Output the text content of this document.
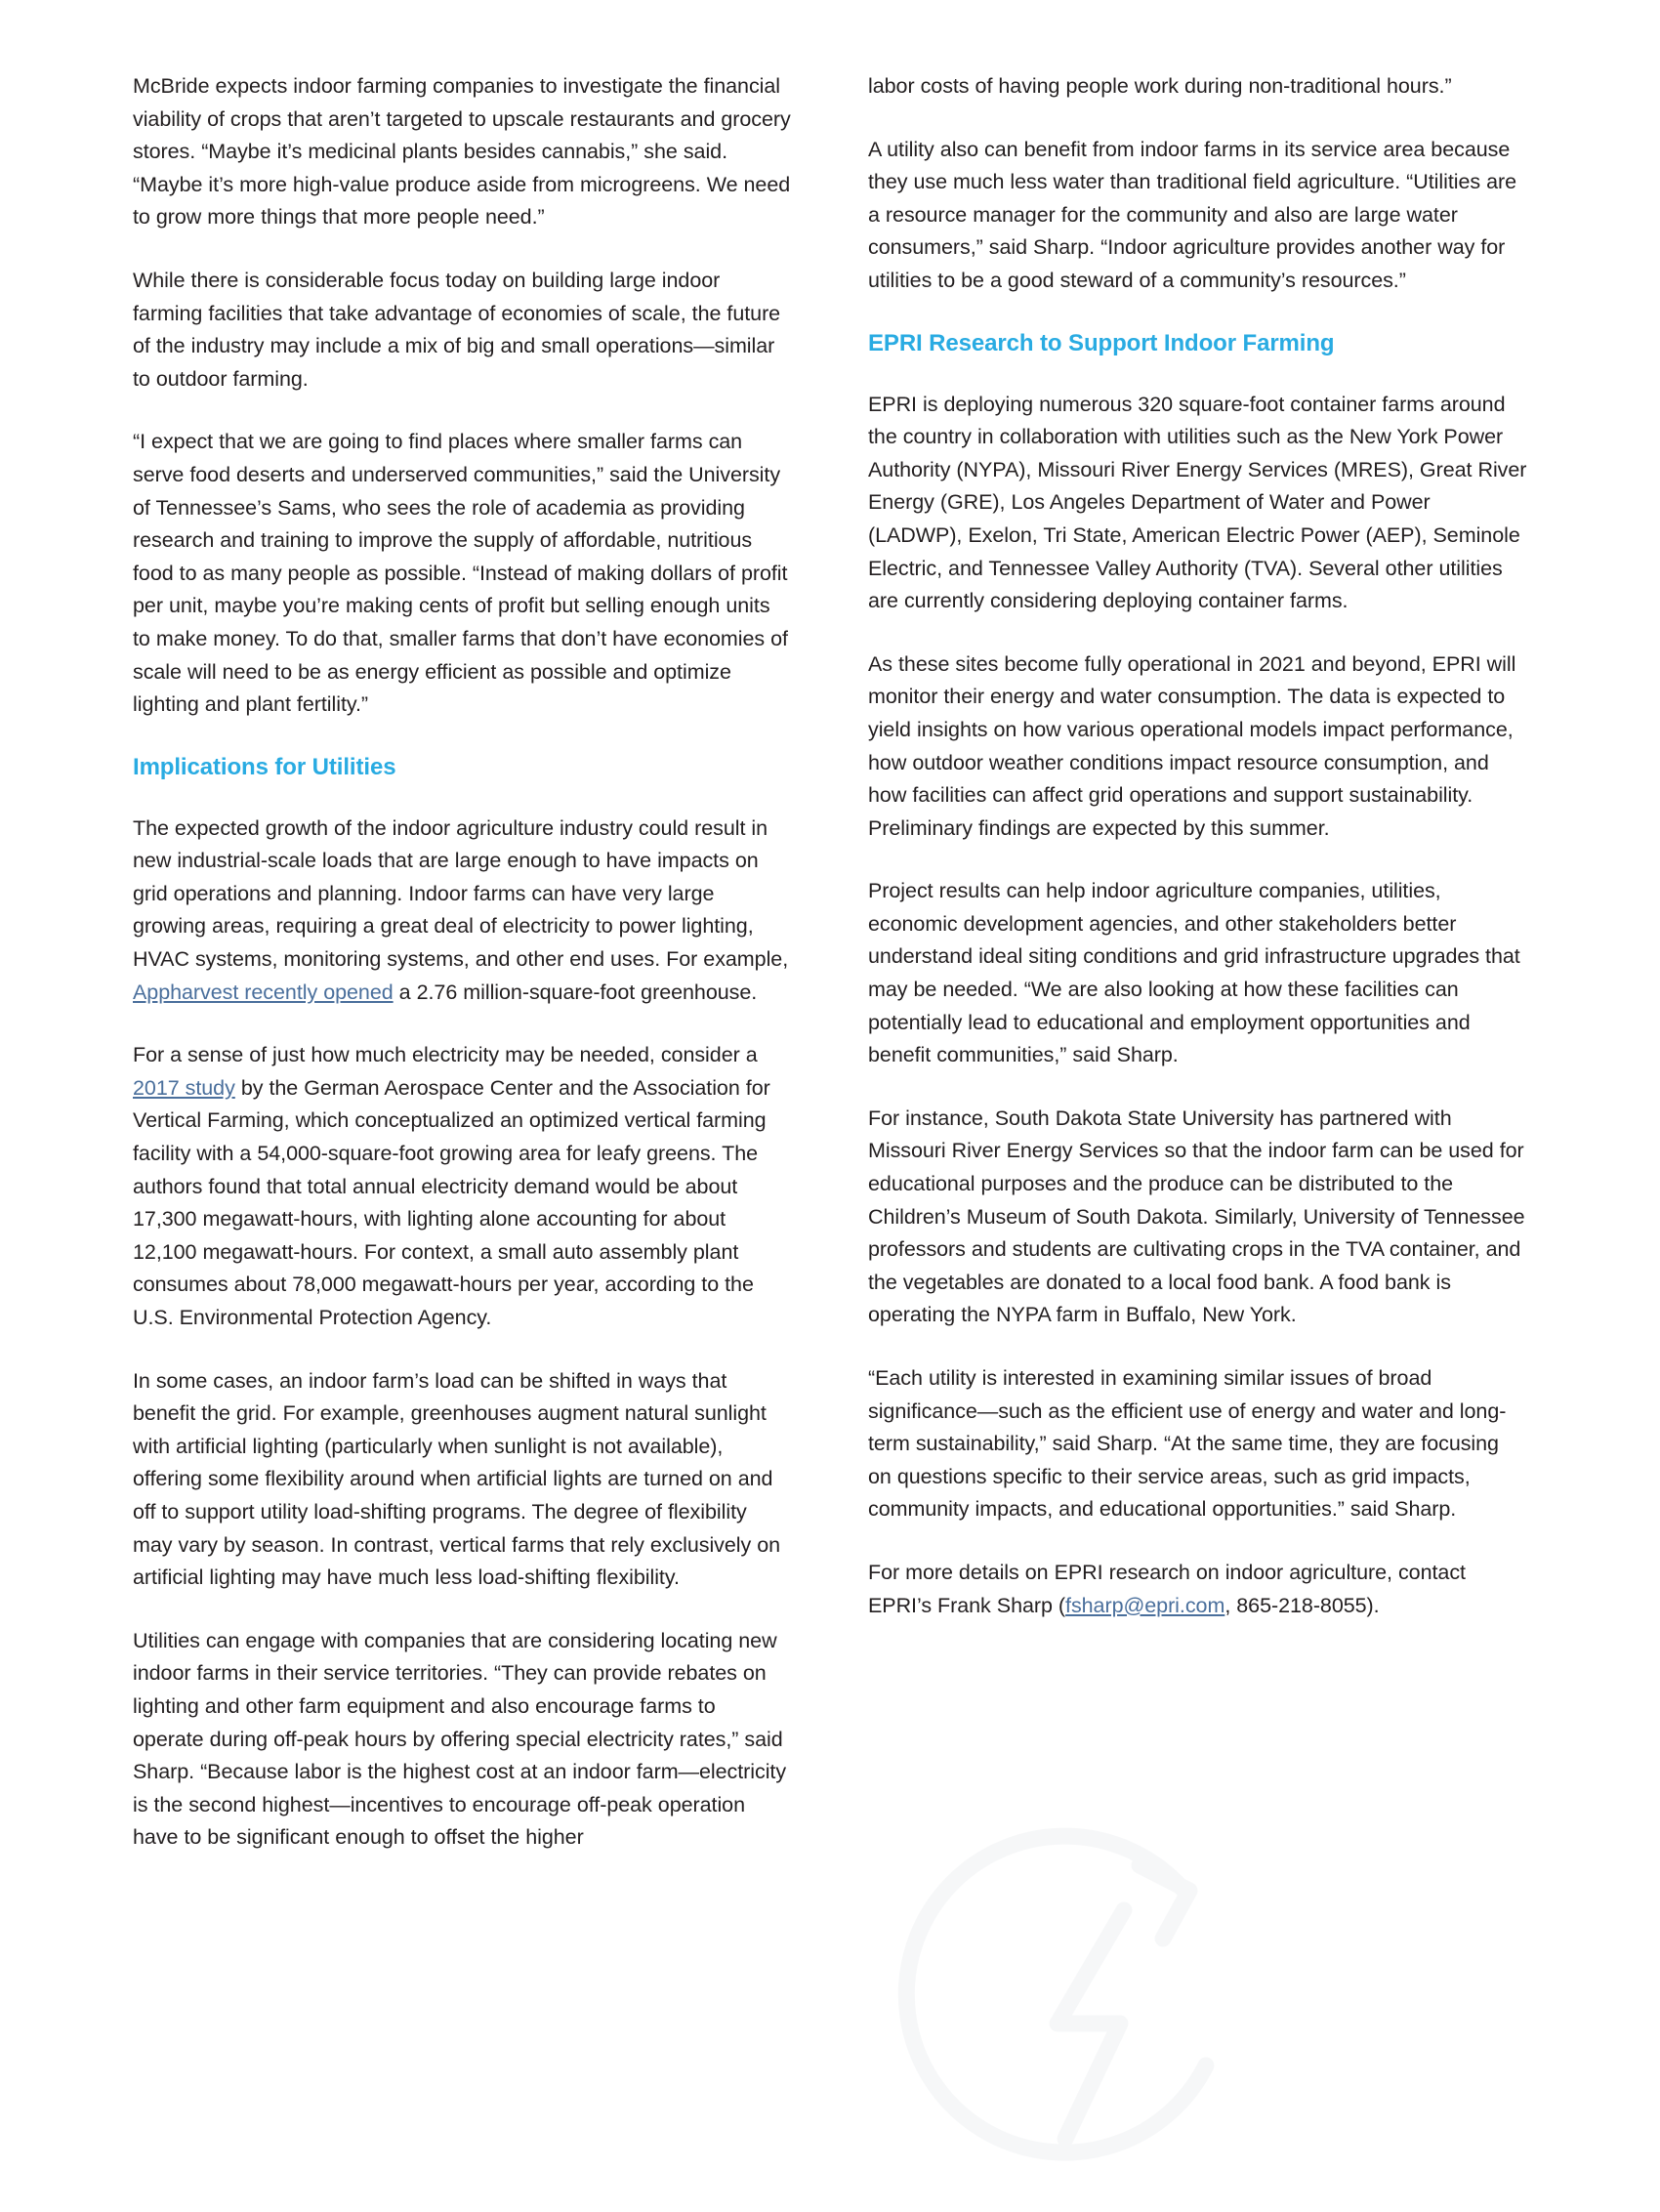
McBride expects indoor farming companies to investigate the financial viability of crops that aren’t targeted to upscale restaurants and grocery stores. “Maybe it’s medicinal plants besides cannabis,” she said. “Maybe it’s more high-value produce aside from microgreens. We need to grow more things that more people need.”

While there is considerable focus today on building large indoor farming facilities that take advantage of economies of scale, the future of the industry may include a mix of big and small operations—similar to outdoor farming.

“I expect that we are going to find places where smaller farms can serve food deserts and underserved communities,” said the University of Tennessee’s Sams, who sees the role of academia as providing research and training to improve the supply of affordable, nutritious food to as many people as possible. “Instead of making dollars of profit per unit, maybe you’re making cents of profit but selling enough units to make money. To do that, smaller farms that don’t have economies of scale will need to be as energy efficient as possible and optimize lighting and plant fertility.”

Implications for Utilities

The expected growth of the indoor agriculture industry could result in new industrial-scale loads that are large enough to have impacts on grid operations and planning. Indoor farms can have very large growing areas, requiring a great deal of electricity to power lighting, HVAC systems, monitoring systems, and other end uses. For example, Appharvest recently opened a 2.76 million-square-foot greenhouse.

For a sense of just how much electricity may be needed, consider a 2017 study by the German Aerospace Center and the Association for Vertical Farming, which conceptualized an optimized vertical farming facility with a 54,000-square-foot growing area for leafy greens. The authors found that total annual electricity demand would be about 17,300 megawatt-hours, with lighting alone accounting for about 12,100 megawatt-hours. For context, a small auto assembly plant consumes about 78,000 megawatt-hours per year, according to the U.S. Environmental Protection Agency.

In some cases, an indoor farm’s load can be shifted in ways that benefit the grid. For example, greenhouses augment natural sunlight with artificial lighting (particularly when sunlight is not available), offering some flexibility around when artificial lights are turned on and off to support utility load-shifting programs. The degree of flexibility may vary by season. In contrast, vertical farms that rely exclusively on artificial lighting may have much less load-shifting flexibility.

Utilities can engage with companies that are considering locating new indoor farms in their service territories. “They can provide rebates on lighting and other farm equipment and also encourage farms to operate during off-peak hours by offering special electricity rates,” said Sharp. “Because labor is the highest cost at an indoor farm—electricity is the second highest—incentives to encourage off-peak operation have to be significant enough to offset the higher

labor costs of having people work during non-traditional hours.”

A utility also can benefit from indoor farms in its service area because they use much less water than traditional field agriculture. “Utilities are a resource manager for the community and also are large water consumers,” said Sharp. “Indoor agriculture provides another way for utilities to be a good steward of a community’s resources.”

EPRI Research to Support Indoor Farming

EPRI is deploying numerous 320 square-foot container farms around the country in collaboration with utilities such as the New York Power Authority (NYPA), Missouri River Energy Services (MRES), Great River Energy (GRE), Los Angeles Department of Water and Power (LADWP), Exelon, Tri State, American Electric Power (AEP), Seminole Electric, and Tennessee Valley Authority (TVA). Several other utilities are currently considering deploying container farms.

As these sites become fully operational in 2021 and beyond, EPRI will monitor their energy and water consumption. The data is expected to yield insights on how various operational models impact performance, how outdoor weather conditions impact resource consumption, and how facilities can affect grid operations and support sustainability. Preliminary findings are expected by this summer.

Project results can help indoor agriculture companies, utilities, economic development agencies, and other stakeholders better understand ideal siting conditions and grid infrastructure upgrades that may be needed. “We are also looking at how these facilities can potentially lead to educational and employment opportunities and benefit communities,” said Sharp.

For instance, South Dakota State University has partnered with Missouri River Energy Services so that the indoor farm can be used for educational purposes and the produce can be distributed to the Children’s Museum of South Dakota. Similarly, University of Tennessee professors and students are cultivating crops in the TVA container, and the vegetables are donated to a local food bank. A food bank is operating the NYPA farm in Buffalo, New York.

“Each utility is interested in examining similar issues of broad significance—such as the efficient use of energy and water and long-term sustainability,” said Sharp. “At the same time, they are focusing on questions specific to their service areas, such as grid impacts, community impacts, and educational opportunities.” said Sharp.

For more details on EPRI research on indoor agriculture, contact EPRI’s Frank Sharp (fsharp@epri.com, 865-218-8055).
